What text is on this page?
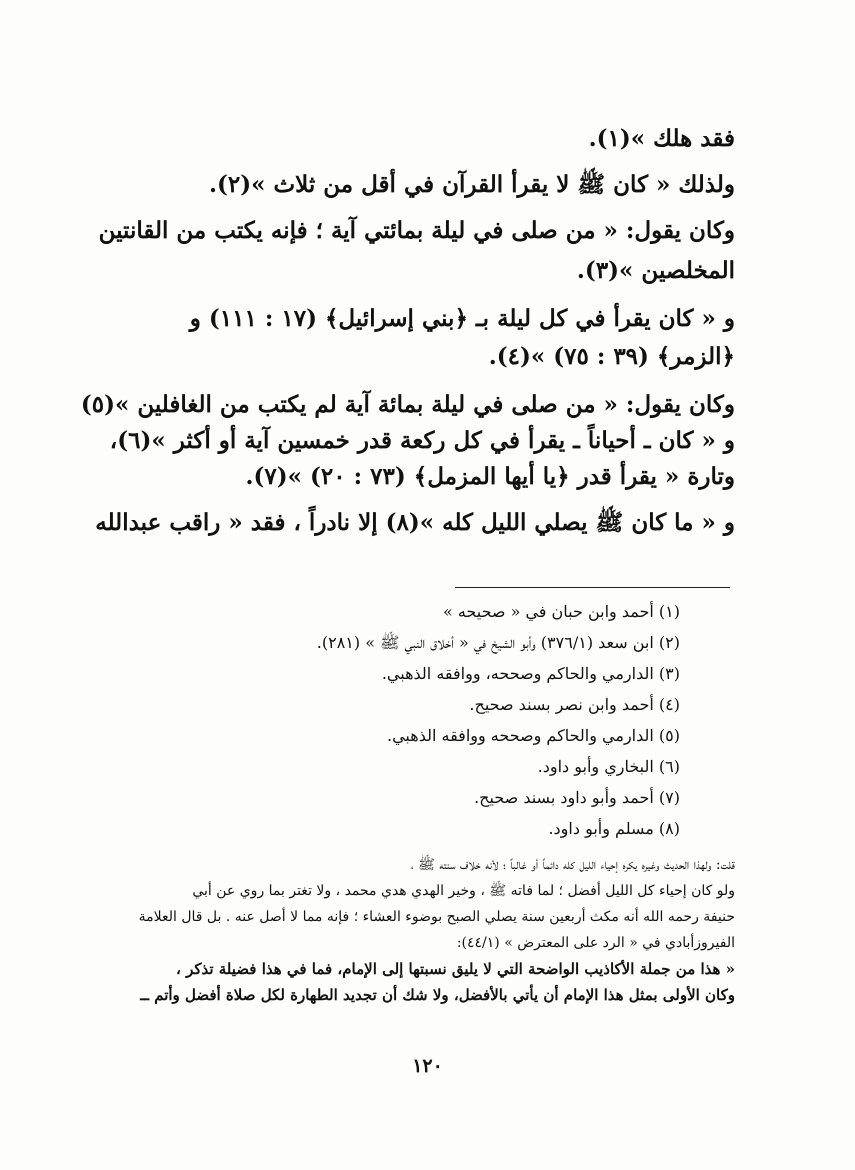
فقد هلك »(١).
ولذلك « كان ﷺ لا يقرأ القرآن في أقل من ثلاث »(٢).
وكان يقول: « من صلى في ليلة بمائتي آية ؛ فإنه يكتب من القانتين
المخلصين »(٣).
و « كان يقرأ في كل ليلة بـ ﴿بني إسرائيل﴾ (١٧ : ١١١) و
﴿الزمر﴾ (٣٩ : ٧٥) »(٤).
وكان يقول: « من صلى في ليلة بمائة آية لم يكتب من الغافلين »(٥)
و « كان ـ أحياناً ـ يقرأ في كل ركعة قدر خمسين آية أو أكثر »(٦)،
وتارة « يقرأ قدر ﴿يا أيها المزمل﴾ (٧٣ : ٢٠) »(٧).
و « ما كان ﷺ يصلي الليل كله »(٨) إلا نادراً ، فقد « راقب عبدالله
(١) أحمد وابن حبان في « صحيحه »
(٢) ابن سعد (٣٧٦/١) وأبو الشيخ في « أخلاق النبي ﷺ » (٢٨١).
(٣) الدارمي والحاكم وصححه، ووافقه الذهبي.
(٤) أحمد وابن نصر بسند صحيح.
(٥) الدارمي والحاكم وصححه ووافقه الذهبي.
(٦) البخاري وأبو داود.
(٧) أحمد وأبو داود بسند صحيح.
(٨) مسلم وأبو داود.
قلت: ولهذا الحديث وغيره يكره إحياء الليل كله دائماً أو غالباً ؛ لأنه خلاف سنته ﷺ ،
ولو كان إحياء كل الليل أفضل ؛ لما فاته ﷺ ، وخير الهدي هدي محمد ، ولا تغتر بما روي عن أبي
حنيفة رحمه الله أنه مكث أربعين سنة يصلي الصبح بوضوء العشاء ؛ فإنه مما لا أصل عنه . بل قال العلامة
الفيروزأبادي في « الرد على المعترض » (٤٤/١):
« هذا من جملة الأكاذيب الواضحة التي لا يليق نسبتها إلى الإمام، فما في هذا فضيلة تذكر ،
وكان الأولى بمثل هذا الإمام أن يأتي بالأفضل، ولا شك أن تجديد الطهارة لكل صلاة أفضل وأتم ــ
١٢٠
